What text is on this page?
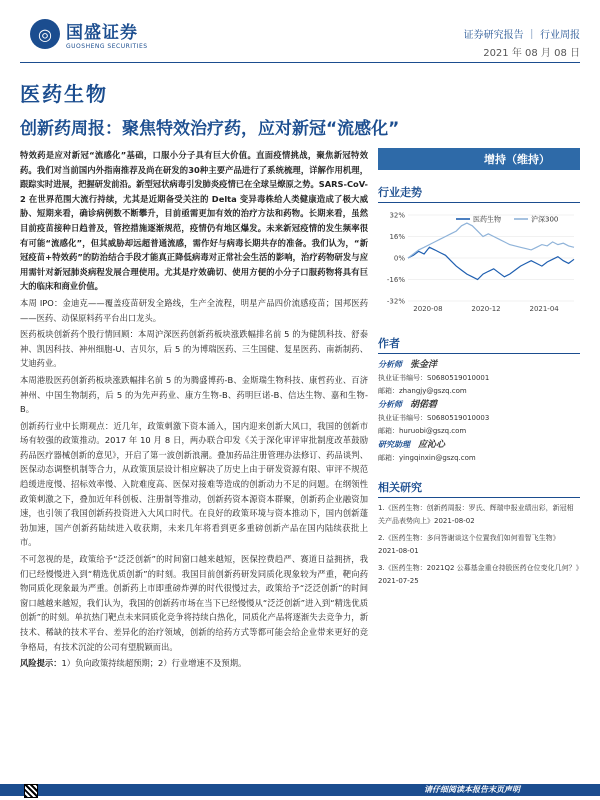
◎ 国盛证券
GUOSHENG SECURITIES
证券研究报告 ｜ 行业周报
2021 年 08 月 08 日
医药生物
创新药周报：聚焦特效治疗药，应对新冠“流感化”

特效药是应对新冠“流感化”基础，口服小分子具有巨大价值。直面疫情挑战，聚焦新冠特效药。我们对当前国内外指南推荐及尚在研发的30种主要产品进行了系统梳理，详解作用机理，跟踪实时进展，把握研发前沿。新型冠状病毒引发肺炎疫情已在全球呈燎原之势。SARS-CoV-2 在世界范围大流行持续，尤其是近期备受关注的 Delta 变异毒株给人类健康造成了极大威胁、短期来看，确诊病例数不断攀升，目前亟需更加有效的治疗方法和药物。长期来看，虽然目前疫苗接种日趋普及，管控措施逐渐规范，疫情仍有地区爆发。未来新冠疫情的发生频率很有可能“流感化”，但其威胁却远超普通流感，需作好与病毒长期共存的准备。我们认为，“新冠疫苗+特效药”的防治结合手段才能真正降低病毒对正常社会生活的影响，治疗药物研发与应用需针对新冠肺炎病程发展合理使用。尤其是疗效确切、使用方便的小分子口服药物将具有巨大的临床和商业价值。

本周 IPO：金迪克——覆盖疫苗研发全路线，生产全流程，明星产品四价流感疫苗；国邦医药——医药、动保原料药平台出口龙头。

医药板块创新药个股行情回顾：本周沪深医药创新药板块涨跌幅排名前 5 的为健凯科技、舒泰神、凯因科技、神州细胞-U、吉贝尔，后 5 的为博瑞医药、三生国健、复星医药、南新制药、艾迪药业。

本周港股医药创新药板块涨跌幅排名前 5 的为腾盛博药-B、金斯瑞生物科技、康哲药业、百济神州、中国生物制药，后 5 的为先声药业、康方生物-B、药明巨诺-B、信达生物、嘉和生物-B。

创新药行业中长期观点：近几年，政策刺激下资本涌入，国内迎来创新大风口，我国的创新市场有较强的政策推动。2017 年 10 月 8 日，两办联合印发《关于深化审评审批制度改革鼓励药品医疗器械创新的意见》，开启了第一波创新浪潮。叠加药品注册管理办法修订、药品谈判、医保动态调整机制等合力，从政策顶层设计相应解决了历史上由于研发资源有限、审评不规范趋缓进度慢、招标效率慢、入院难度高、医保对接难等造成的创新动力不足的问题。在纲领性政策刺激之下，叠加近年科创板、注册制等推动，创新药资本源资本群聚，创新药企业融资加速，也引领了我国创新药投资进入大风口时代。在良好的政策环境与资本推动下，国内创新蓬勃加速，国产创新药陆续进入收获期，未来几年将看到更多重磅创新产品在国内陆续获批上市。

不可忽视的是，政策给予“泛泛创新”的时间窗口越来越短，医保控费趋严、赛道日益拥挤，我们已经慢慢进入到“精选优质创新”的时刻。我国目前创新药研发同质化现象较为严重，靶向药物同质化现象最为严重。创新药上市即重磅炸弹的时代很慢过去，政策给予“泛泛创新”的时间窗口越越来越短，我们认为，我国的创新药市场在当下已经慢慢从“泛泛创新”进入到“精选优质创新”的时刻。单抗热门靶点未来同质化竞争将持续白热化，同质化产品将逐渐失去竞争力，新技术、稀缺的技术平台、差异化的治疗领域，创新的给药方式等都可能会给企业带来更好的竞争格局，有技术沉淀的公司有望脱颖而出。

风险提示：1）负向政策持续超预期；2）行业增速不及预期。

增持（维持）
行业走势
32%
16%
0%
-16%
-32%
2020-08	2020-12	2021-04
医药生物	沪深300
作者
分析师 张金洋
执业证书编号：S0680519010001
邮箱：zhangjy@gszq.com
分析师 胡偌碧
执业证书编号：S0680519010003
邮箱：huruobi@gszq.com
研究助理 应沁心
邮箱：yingqinxin@gszq.com
相关研究
1.《医药生物：创新药周报：罗氏、辉瑞申报业绩出彩，新冠相关产品表势向上》2021-08-02
2.《医药生物：多问答谢谈这个位置我们如何看智飞生物》2021-08-01
3.《医药生物：2021Q2 公募基金重仓持股医药仓位变化几何？》2021-07-25
请仔细阅读本报告末页声明
